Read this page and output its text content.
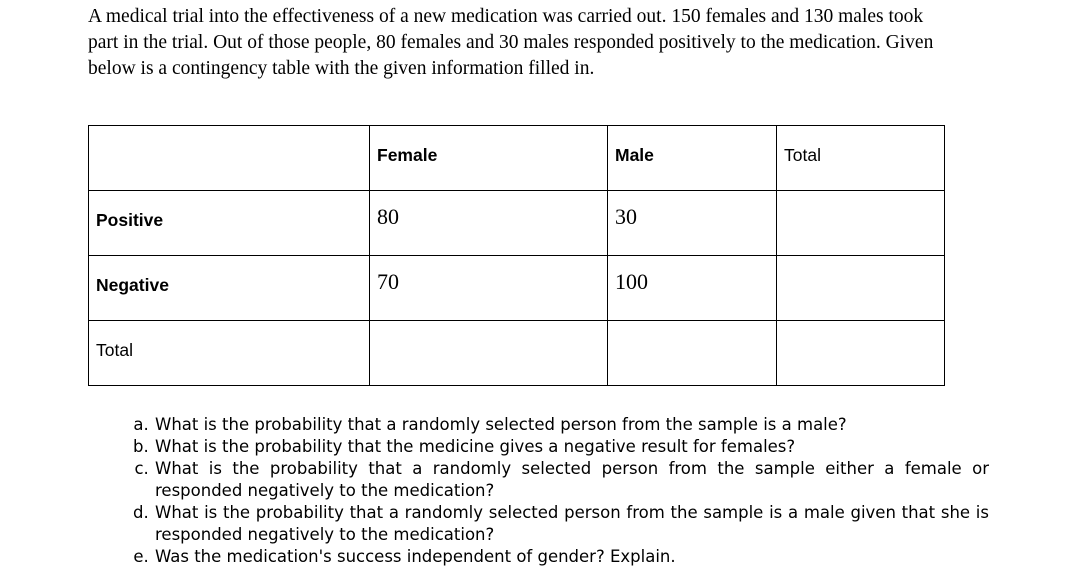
A medical trial into the effectiveness of a new medication was carried out. 150 females and 130 males took part in the trial. Out of those people, 80 females and 30 males responded positively to the medication. Given below is a contingency table with the given information filled in.

	Female	Male	Total
Positive	80	30	
Negative	70	100	
Total			
a. What is the probability that a randomly selected person from the sample is a male?
b. What is the probability that the medicine gives a negative result for females?
c. What is the probability that a randomly selected person from the sample either a female or responded negatively to the medication?
d. What is the probability that a randomly selected person from the sample is a male given that she is responded negatively to the medication?
e. Was the medication's success independent of gender? Explain.
